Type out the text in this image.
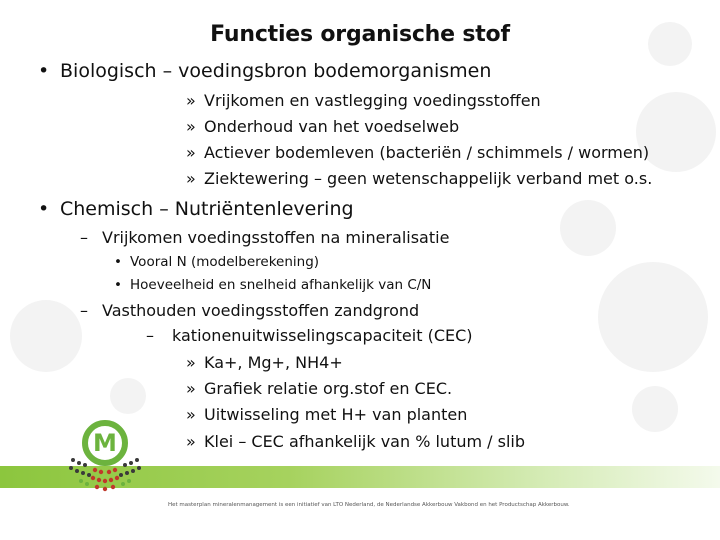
Functies organische stof
• Biologisch – voedingsbron bodemorganismen
» Vrijkomen en vastlegging voedingsstoffen
» Onderhoud van het voedselweb
» Actiever bodemleven (bacteriën / schimmels / wormen)
» Ziektewering – geen wetenschappelijk verband met o.s.
• Chemisch – Nutriëntenlevering
– Vrijkomen voedingsstoffen na mineralisatie
• Vooral N (modelberekening)
• Hoeveelheid en snelheid afhankelijk van C/N
– Vasthouden voedingsstoffen zandgrond
– kationenuitwisselingscapaciteit (CEC)
» Ka+, Mg+, NH4+
» Grafiek relatie org.stof en CEC.
» Uitwisseling met H+ van planten
» Klei – CEC afhankelijk van % lutum / slib
M
Het masterplan mineralenmanagement is een initiatief van LTO Nederland, de Nederlandse Akkerbouw Vakbond en het Productschap Akkerbouw.
